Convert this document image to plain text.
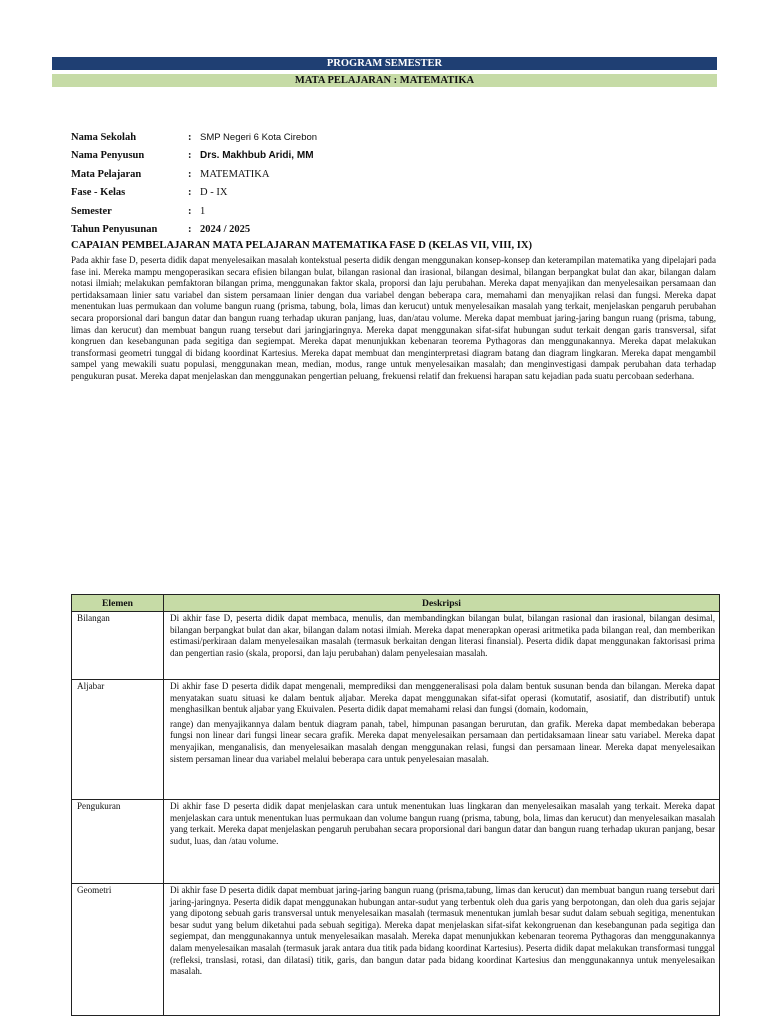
PROGRAM SEMESTER
MATA PELAJARAN : MATEMATIKA
Nama Sekolah	: SMP Negeri 6 Kota Cirebon
Nama Penyusun	: Drs. Makhbub Aridi, MM
Mata Pelajaran	: MATEMATIKA
Fase - Kelas	: D - IX
Semester	: 1
Tahun Penyusunan	: 2024 / 2025
CAPAIAN PEMBELAJARAN MATA PELAJARAN MATEMATIKA FASE D (KELAS VII, VIII, IX)

Pada akhir fase D, peserta didik dapat menyelesaikan masalah kontekstual peserta didik dengan menggunakan konsep-konsep dan keterampilan matematika yang dipelajari pada fase ini. Mereka mampu mengoperasikan secara efisien bilangan bulat, bilangan rasional dan irasional, bilangan desimal, bilangan berpangkat bulat dan akar, bilangan dalam notasi ilmiah; melakukan pemfaktoran bilangan prima, menggunakan faktor skala, proporsi dan laju perubahan. Mereka dapat menyajikan dan menyelesaikan persamaan dan pertidaksamaan linier satu variabel dan sistem persamaan linier dengan dua variabel dengan beberapa cara, memahami dan menyajikan relasi dan fungsi. Mereka dapat menentukan luas permukaan dan volume bangun ruang (prisma, tabung, bola, limas dan kerucut) untuk menyelesaikan masalah yang terkait, menjelaskan pengaruh perubahan secara proporsional dari bangun datar dan bangun ruang terhadap ukuran panjang, luas, dan/atau volume. Mereka dapat membuat jaring-jaring bangun ruang (prisma, tabung, limas dan kerucut) dan membuat bangun ruang tersebut dari jaringjaringnya. Mereka dapat menggunakan sifat-sifat hubungan sudut terkait dengan garis transversal, sifat kongruen dan kesebangunan pada segitiga dan segiempat. Mereka dapat menunjukkan kebenaran teorema Pythagoras dan menggunakannya. Mereka dapat melakukan transformasi geometri tunggal di bidang koordinat Kartesius. Mereka dapat membuat dan menginterpretasi diagram batang dan diagram lingkaran. Mereka dapat mengambil sampel yang mewakili suatu populasi, menggunakan mean, median, modus, range untuk menyelesaikan masalah; dan menginvestigasi dampak perubahan data terhadap pengukuran pusat. Mereka dapat menjelaskan dan menggunakan pengertian peluang, frekuensi relatif dan frekuensi harapan satu kejadian pada suatu percobaan sederhana.

Elemen	Deskripsi
Bilangan	Di akhir fase D, peserta didik dapat membaca, menulis, dan membandingkan bilangan bulat, bilangan rasional dan irasional, bilangan desimal, bilangan berpangkat bulat dan akar, bilangan dalam notasi ilmiah. Mereka dapat menerapkan operasi aritmetika pada bilangan real, dan memberikan estimasi/perkiraan dalam menyelesaikan masalah (termasuk berkaitan dengan literasi finansial). Peserta didik dapat menggunakan faktorisasi prima dan pengertian rasio (skala, proporsi, dan laju perubahan) dalam penyelesaian masalah.

Aljabar	Di akhir fase D peserta didik dapat mengenali, memprediksi dan menggeneralisasi pola dalam bentuk susunan benda dan bilangan. Mereka dapat menyatakan suatu situasi ke dalam bentuk aljabar. Mereka dapat menggunakan sifat-sifat operasi (komutatif, asosiatif, dan distributif) untuk menghasilkan bentuk aljabar yang Ekuivalen. Peserta didik dapat memahami relasi dan fungsi (domain, kodomain,

range) dan menyajikannya dalam bentuk diagram panah, tabel, himpunan pasangan berurutan, dan grafik. Mereka dapat membedakan beberapa fungsi non linear dari fungsi linear secara grafik. Mereka dapat menyelesaikan persamaan dan pertidaksamaan linear satu variabel. Mereka dapat menyajikan, menganalisis, dan menyelesaikan masalah dengan menggunakan relasi, fungsi dan persamaan linear. Mereka dapat menyelesaikan sistem persaman linear dua variabel melalui beberapa cara untuk penyelesaian masalah.

Pengukuran	Di akhir fase D peserta didik dapat menjelaskan cara untuk menentukan luas lingkaran dan menyelesaikan masalah yang terkait. Mereka dapat menjelaskan cara untuk menentukan luas permukaan dan volume bangun ruang (prisma, tabung, bola, limas dan kerucut) dan menyelesaikan masalah yang terkait. Mereka dapat menjelaskan pengaruh perubahan secara proporsional dari bangun datar dan bangun ruang terhadap ukuran panjang, besar sudut, luas, dan /atau volume.

Geometri	Di akhir fase D peserta didik dapat membuat jaring-jaring bangun ruang (prisma,tabung, limas dan kerucut) dan membuat bangun ruang tersebut dari jaring-jaringnya. Peserta didik dapat menggunakan hubungan antar-sudut yang terbentuk oleh dua garis yang berpotongan, dan oleh dua garis sejajar yang dipotong sebuah garis transversal untuk menyelesaikan masalah (termasuk menentukan jumlah besar sudut dalam sebuah segitiga, menentukan besar sudut yang belum diketahui pada sebuah segitiga). Mereka dapat menjelaskan sifat-sifat kekongruenan dan kesebangunan pada segitiga dan segiempat, dan menggunakannya untuk menyelesaikan masalah. Mereka dapat menunjukkan kebenaran teorema Pythagoras dan menggunakannya dalam menyelesaikan masalah (termasuk jarak antara dua titik pada bidang koordinat Kartesius). Peserta didik dapat melakukan transformasi tunggal (refleksi, translasi, rotasi, dan dilatasi) titik, garis, dan bangun datar pada bidang koordinat Kartesius dan menggunakannya untuk menyelesaikan masalah.
